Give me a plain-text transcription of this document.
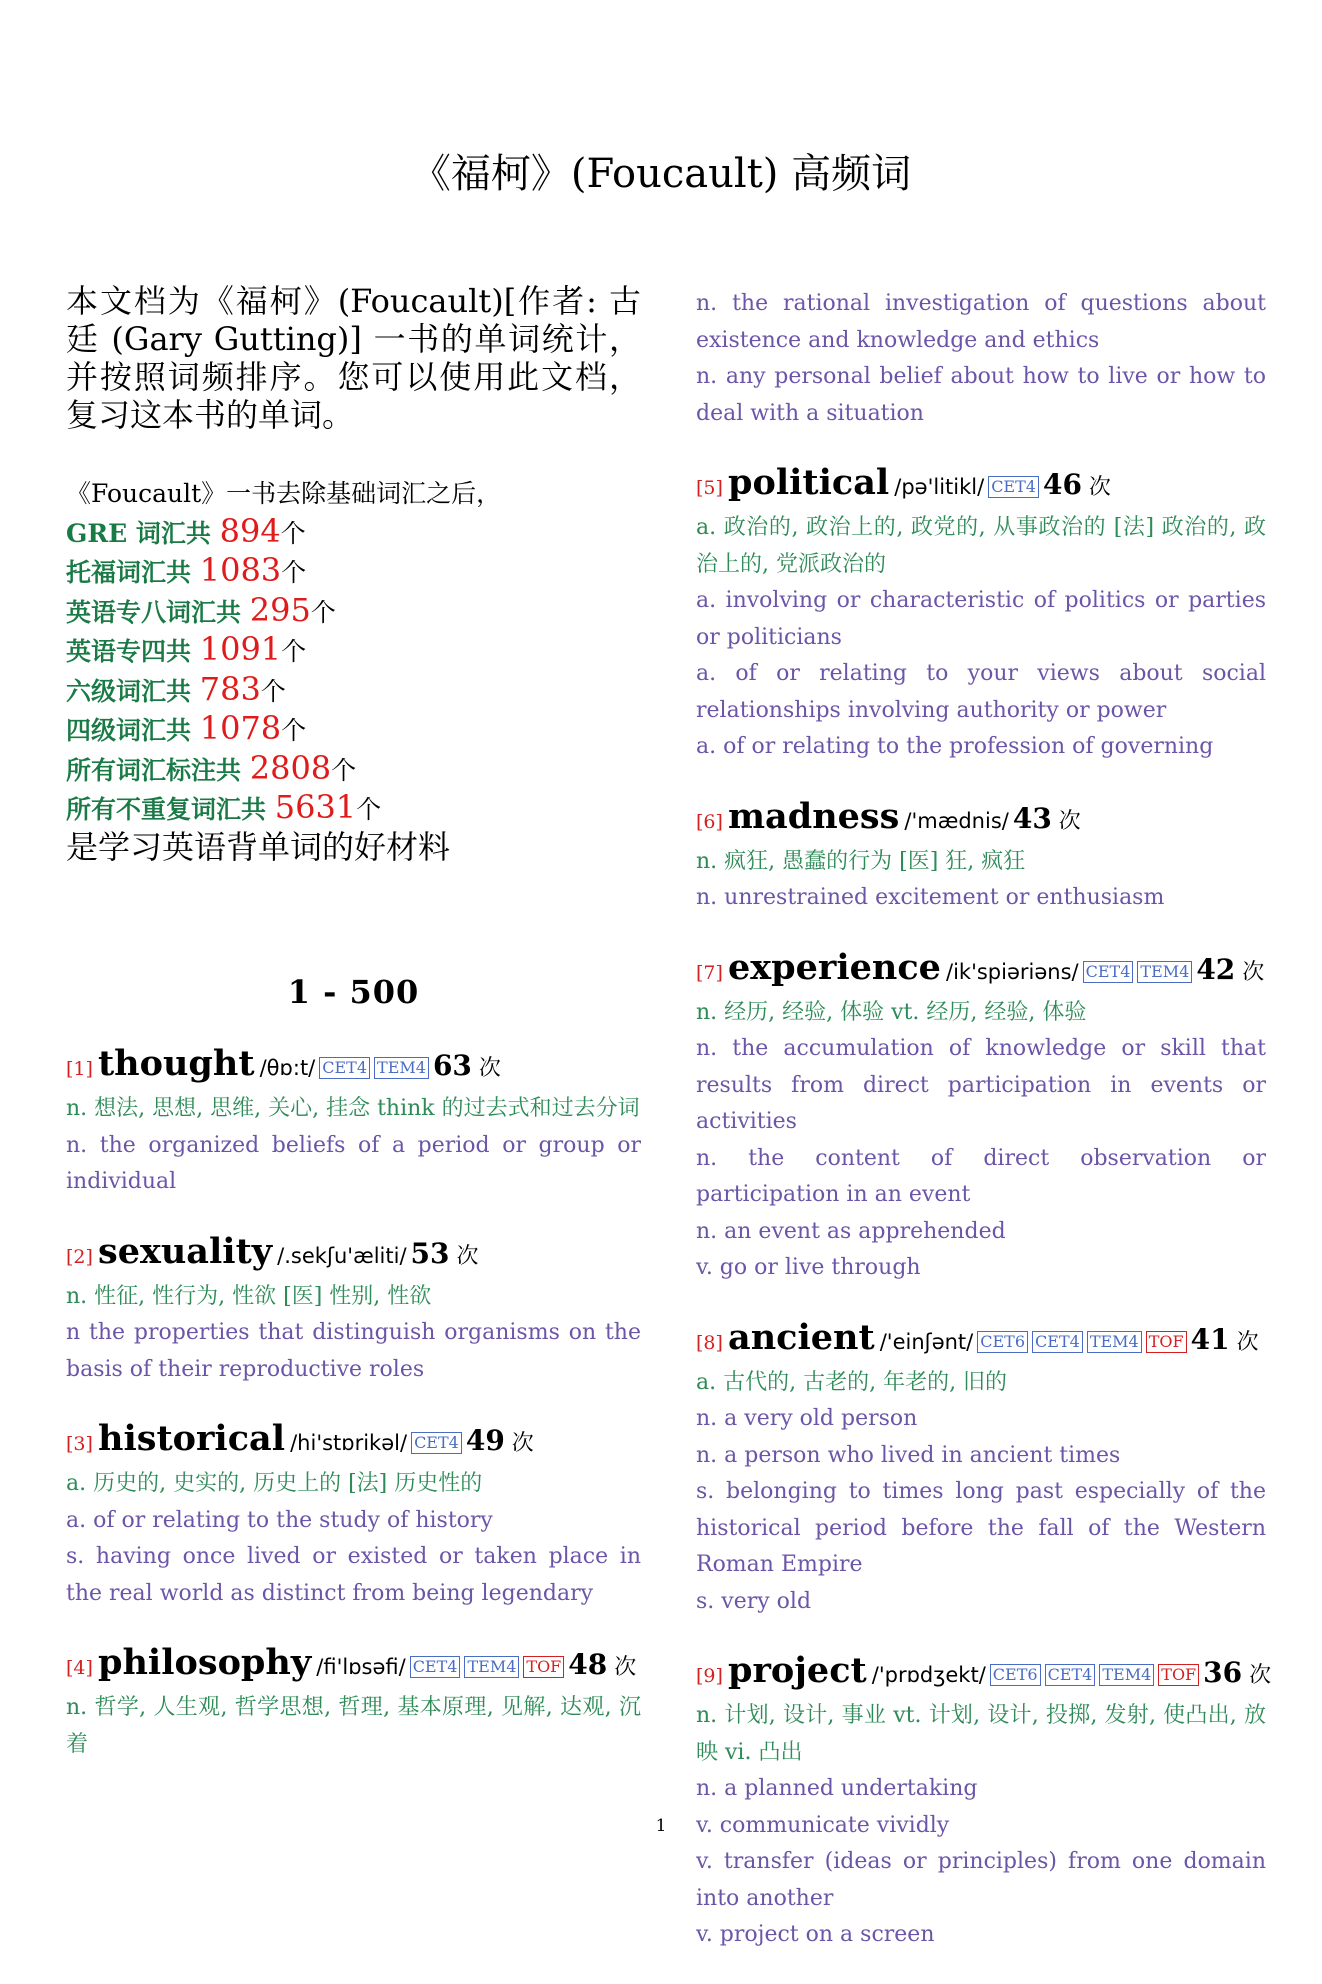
《福柯》(Foucault) 高频词
本文档为《福柯》(Foucault)[作者: 古廷 (Gary Gutting)] 一书的单词统计，并按照词频排序。您可以使用此文档，复习这本书的单词。
《Foucault》一书去除基础词汇之后，
GRE 词汇共 894个
托福词汇共 1083个
英语专八词汇共 295个
英语专四共 1091个
六级词汇共 783个
四级词汇共 1078个
所有词汇标注共 2808个
所有不重复词汇共 5631个
是学习英语背单词的好材料
1 - 500
[1] thought /θɒ:t/ CET4 TEM4 63 次
n. 想法, 思想, 思维, 关心, 挂念 think 的过去式和过去分词
n. the organized beliefs of a period or group or individual
[2] sexuality /.sekʃu'æliti/ 53 次
n. 性征, 性行为, 性欲 [医] 性别, 性欲
n the properties that distinguish organisms on the basis of their reproductive roles
[3] historical /hi'stɒrikəl/ CET4 49 次
a. 历史的, 史实的, 历史上的 [法] 历史性的
a. of or relating to the study of history
s. having once lived or existed or taken place in the real world as distinct from being legendary
[4] philosophy /fi'lɒsəfi/ CET4 TEM4 TOF 48 次
n. 哲学, 人生观, 哲学思想, 哲理, 基本原理, 见解, 达观, 沉着
n. the rational investigation of questions about existence and knowledge and ethics
n. any personal belief about how to live or how to deal with a situation
[5] political /pə'litikl/ CET4 46 次
a. 政治的, 政治上的, 政党的, 从事政治的 [法] 政治的, 政治上的, 党派政治的
a. involving or characteristic of politics or parties or politicians
a. of or relating to your views about social relationships involving authority or power
a. of or relating to the profession of governing
[6] madness /'mædnis/ 43 次
n. 疯狂, 愚蠢的行为 [医] 狂, 疯狂
n. unrestrained excitement or enthusiasm
[7] experience /ik'spiəriəns/ CET4 TEM4 42 次
n. 经历, 经验, 体验 vt. 经历, 经验, 体验
n. the accumulation of knowledge or skill that results from direct participation in events or activities
n. the content of direct observation or participation in an event
n. an event as apprehended
v. go or live through
[8] ancient /'einʃənt/ CET6 CET4 TEM4 TOF 41 次
a. 古代的, 古老的, 年老的, 旧的
n. a very old person
n. a person who lived in ancient times
s. belonging to times long past especially of the historical period before the fall of the Western Roman Empire
s. very old
[9] project /'prɒdʒekt/ CET6 CET4 TEM4 TOF 36 次
n. 计划, 设计, 事业 vt. 计划, 设计, 投掷, 发射, 使凸出, 放映 vi. 凸出
n. a planned undertaking
v. communicate vividly
v. transfer (ideas or principles) from one domain into another
v. project on a screen
1
